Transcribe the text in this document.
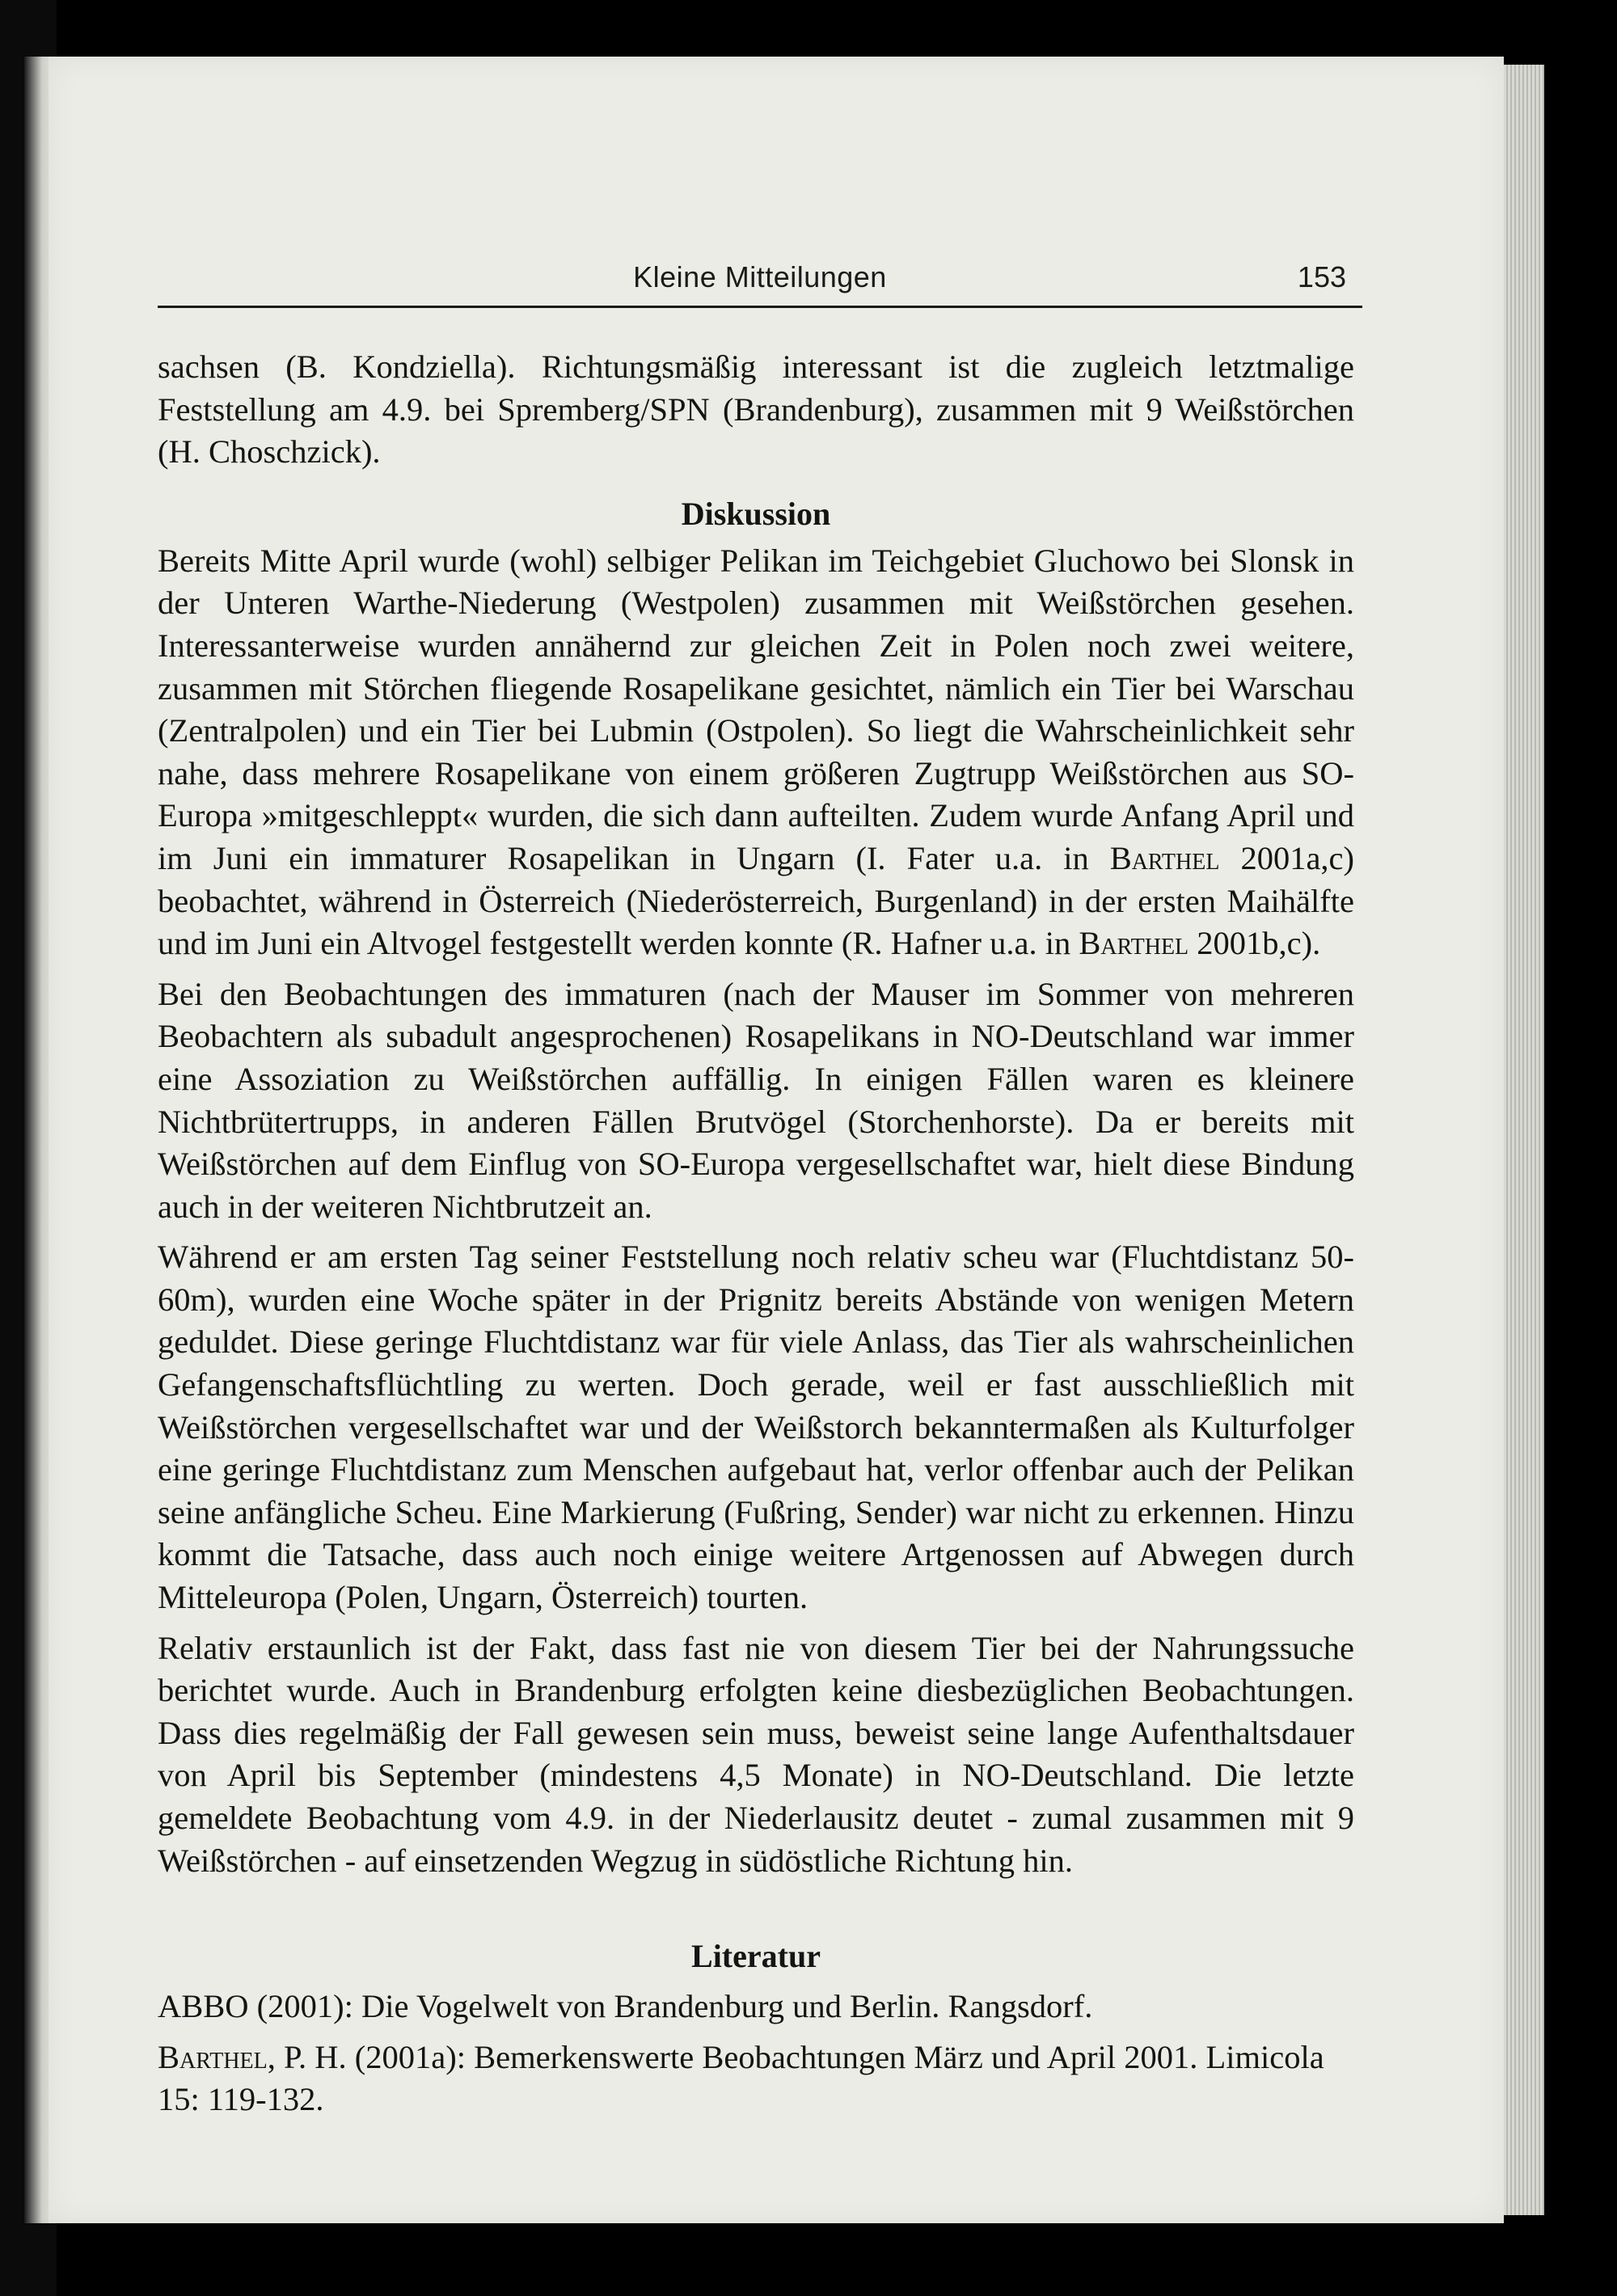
Kleine Mitteilungen	153

sachsen (B. Kondziella). Richtungsmäßig interessant ist die zugleich letztmalige Feststellung am 4.9. bei Spremberg/SPN (Brandenburg), zusammen mit 9 Weißstörchen (H. Choschzick).

Diskussion

Bereits Mitte April wurde (wohl) selbiger Pelikan im Teichgebiet Gluchowo bei Slonsk in der Unteren Warthe-Niederung (Westpolen) zusammen mit Weißstörchen gesehen. Interessanterweise wurden annähernd zur gleichen Zeit in Polen noch zwei weitere, zusammen mit Störchen fliegende Rosapelikane gesichtet, nämlich ein Tier bei Warschau (Zentralpolen) und ein Tier bei Lubmin (Ostpolen). So liegt die Wahrscheinlichkeit sehr nahe, dass mehrere Rosapelikane von einem größeren Zugtrupp Weißstörchen aus SO-Europa »mitgeschleppt« wurden, die sich dann aufteilten. Zudem wurde Anfang April und im Juni ein immaturer Rosapelikan in Ungarn (I. Fater u.a. in Barthel 2001a,c) beobachtet, während in Österreich (Niederösterreich, Burgenland) in der ersten Maihälfte und im Juni ein Altvogel festgestellt werden konnte (R. Hafner u.a. in Barthel 2001b,c).

Bei den Beobachtungen des immaturen (nach der Mauser im Sommer von mehreren Beobachtern als subadult angesprochenen) Rosapelikans in NO-Deutschland war immer eine Assoziation zu Weißstörchen auffällig. In einigen Fällen waren es kleinere Nichtbrütertrupps, in anderen Fällen Brutvögel (Storchenhorste). Da er bereits mit Weißstörchen auf dem Einflug von SO-Europa vergesellschaftet war, hielt diese Bindung auch in der weiteren Nichtbrutzeit an.

Während er am ersten Tag seiner Feststellung noch relativ scheu war (Fluchtdistanz 50-60m), wurden eine Woche später in der Prignitz bereits Abstände von wenigen Metern geduldet. Diese geringe Fluchtdistanz war für viele Anlass, das Tier als wahrscheinlichen Gefangenschaftsflüchtling zu werten. Doch gerade, weil er fast ausschließlich mit Weißstörchen vergesellschaftet war und der Weißstorch bekanntermaßen als Kulturfolger eine geringe Fluchtdistanz zum Menschen aufgebaut hat, verlor offenbar auch der Pelikan seine anfängliche Scheu. Eine Markierung (Fußring, Sender) war nicht zu erkennen. Hinzu kommt die Tatsache, dass auch noch einige weitere Artgenossen auf Abwegen durch Mitteleuropa (Polen, Ungarn, Österreich) tourten.

Relativ erstaunlich ist der Fakt, dass fast nie von diesem Tier bei der Nahrungssuche berichtet wurde. Auch in Brandenburg erfolgten keine diesbezüglichen Beobachtungen. Dass dies regelmäßig der Fall gewesen sein muss, beweist seine lange Aufenthaltsdauer von April bis September (mindestens 4,5 Monate) in NO-Deutschland. Die letzte gemeldete Beobachtung vom 4.9. in der Niederlausitz deutet - zumal zusammen mit 9 Weißstörchen - auf einsetzenden Wegzug in südöstliche Richtung hin.

Literatur

ABBO (2001): Die Vogelwelt von Brandenburg und Berlin. Rangsdorf.

Barthel, P. H. (2001a): Bemerkenswerte Beobachtungen März und April 2001. Limicola 15: 119-132.
